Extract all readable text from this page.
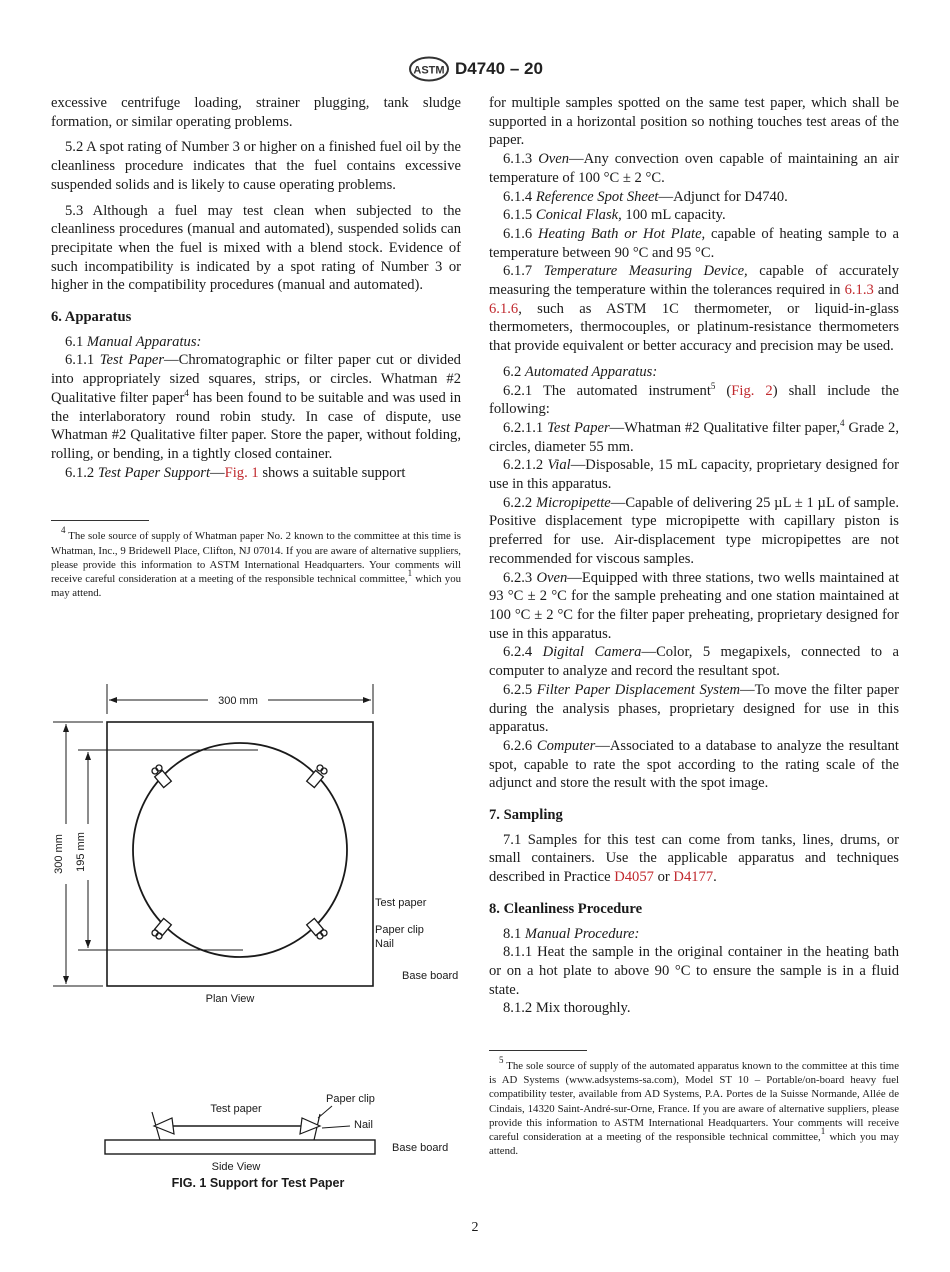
ASTM D4740 – 20

excessive centrifuge loading, strainer plugging, tank sludge formation, or similar operating problems.

5.2 A spot rating of Number 3 or higher on a finished fuel oil by the cleanliness procedure indicates that the fuel contains excessive suspended solids and is likely to cause operating problems.

5.3 Although a fuel may test clean when subjected to the cleanliness procedures (manual and automated), suspended solids can precipitate when the fuel is mixed with a blend stock. Evidence of such incompatibility is indicated by a spot rating of Number 3 or higher in the compatibility procedures (manual and automated).

6. Apparatus

6.1 Manual Apparatus:

6.1.1 Test Paper—Chromatographic or filter paper cut or divided into appropriately sized squares, strips, or circles. Whatman #2 Qualitative filter paper$^4$ has been found to be suitable and was used in the interlaboratory round robin study. In case of dispute, use Whatman #2 Qualitative filter paper. Store the paper, without folding, rolling, or bending, in a tightly closed container.

6.1.2 Test Paper Support—Fig. 1 shows a suitable support

$^4$ The sole source of supply of Whatman paper No. 2 known to the committee at this time is Whatman, Inc., 9 Bridewell Place, Clifton, NJ 07014. If you are aware of alternative suppliers, please provide this information to ASTM International Headquarters. Your comments will receive careful consideration at a meeting of the responsible technical committee,$^1$ which you may attend.

300 mm
300 mm 195 mm
Test paper
Paper clip
Nail
Base board
Plan View
Test paper
Paper clip
Nail
Base board
Side View
FIG. 1 Support for Test Paper

for multiple samples spotted on the same test paper, which shall be supported in a horizontal position so nothing touches test areas of the paper.

6.1.3 Oven—Any convection oven capable of maintaining an air temperature of 100 °C ± 2 °C.

6.1.4 Reference Spot Sheet—Adjunct for D4740.

6.1.5 Conical Flask, 100 mL capacity.

6.1.6 Heating Bath or Hot Plate, capable of heating sample to a temperature between 90 °C and 95 °C.

6.1.7 Temperature Measuring Device, capable of accurately measuring the temperature within the tolerances required in 6.1.3 and 6.1.6, such as ASTM 1C thermometer, or liquid-in-glass thermometers, thermocouples, or platinum-resistance thermometers that provide equivalent or better accuracy and precision may be used.

6.2 Automated Apparatus:

6.2.1 The automated instrument$^5$ (Fig. 2) shall include the following:

6.2.1.1 Test Paper—Whatman #2 Qualitative filter paper,$^4$ Grade 2, circles, diameter 55 mm.

6.2.1.2 Vial—Disposable, 15 mL capacity, proprietary designed for use in this apparatus.

6.2.2 Micropipette—Capable of delivering 25 µL ± 1 µL of sample. Positive displacement type micropipette with capillary piston is preferred for use. Air-displacement type micropipettes are not recommended for viscous samples.

6.2.3 Oven—Equipped with three stations, two wells maintained at 93 °C ± 2 °C for the sample preheating and one station maintained at 100 °C ± 2 °C for the filter paper preheating, proprietary designed for use in this apparatus.

6.2.4 Digital Camera—Color, 5 megapixels, connected to a computer to analyze and record the resultant spot.

6.2.5 Filter Paper Displacement System—To move the filter paper during the analysis phases, proprietary designed for use in this apparatus.

6.2.6 Computer—Associated to a database to analyze the resultant spot, capable to rate the spot according to the rating scale of the adjunct and store the result with the spot image.

7. Sampling

7.1 Samples for this test can come from tanks, lines, drums, or small containers. Use the applicable apparatus and techniques described in Practice D4057 or D4177.

8. Cleanliness Procedure

8.1 Manual Procedure:

8.1.1 Heat the sample in the original container in the heating bath or on a hot plate to above 90 °C to ensure the sample is in a fluid state.

8.1.2 Mix thoroughly.

$^5$ The sole source of supply of the automated apparatus known to the committee at this time is AD Systems (www.adsystems-sa.com), Model ST 10 – Portable/on-board heavy fuel compatibility tester, available from AD Systems, P.A. Portes de la Suisse Normande, Allée de Cindais, 14320 Saint-André-sur-Orne, France. If you are aware of alternative suppliers, please provide this information to ASTM International Headquarters. Your comments will receive careful consideration at a meeting of the responsible technical committee,$^1$ which you may attend.

2
